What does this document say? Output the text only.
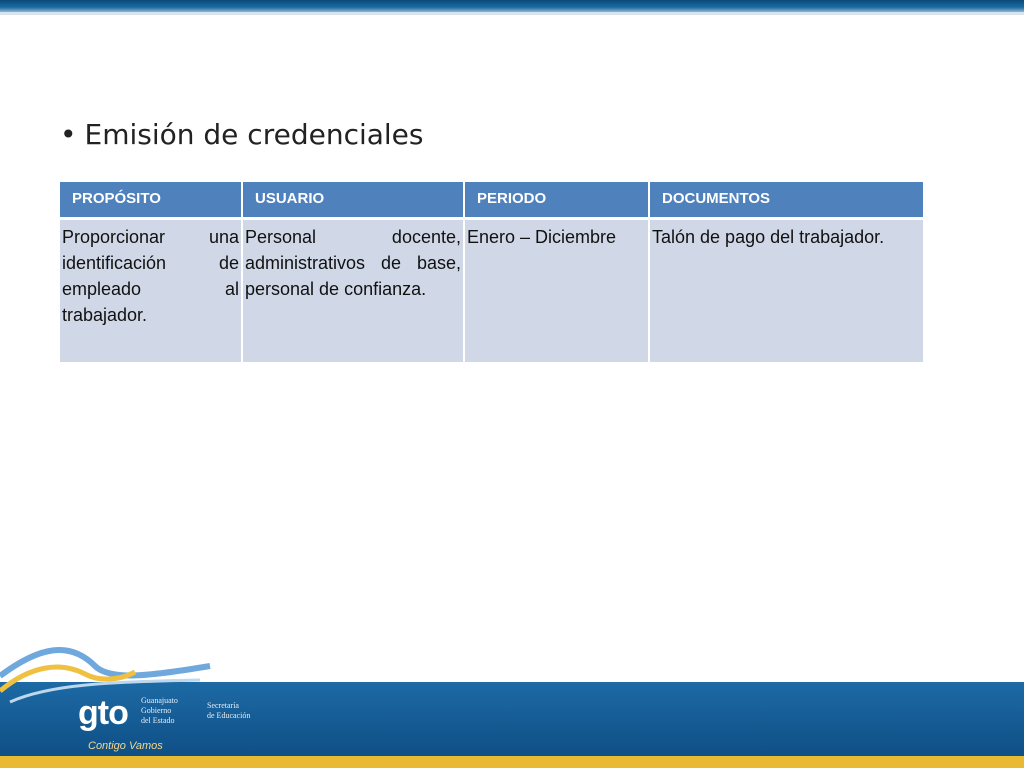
• Emisión de credenciales
PROPÓSITO	USUARIO	PERIODO	DOCUMENTOS
Proporcionar una identificación de empleado al trabajador.	Personal docente, administrativos de base, personal de confianza.	Enero – Diciembre	Talón de pago del trabajador.
gto Guanajuato
Gobierno
del Estado
Secretaría
de Educación
Contigo Vamos
